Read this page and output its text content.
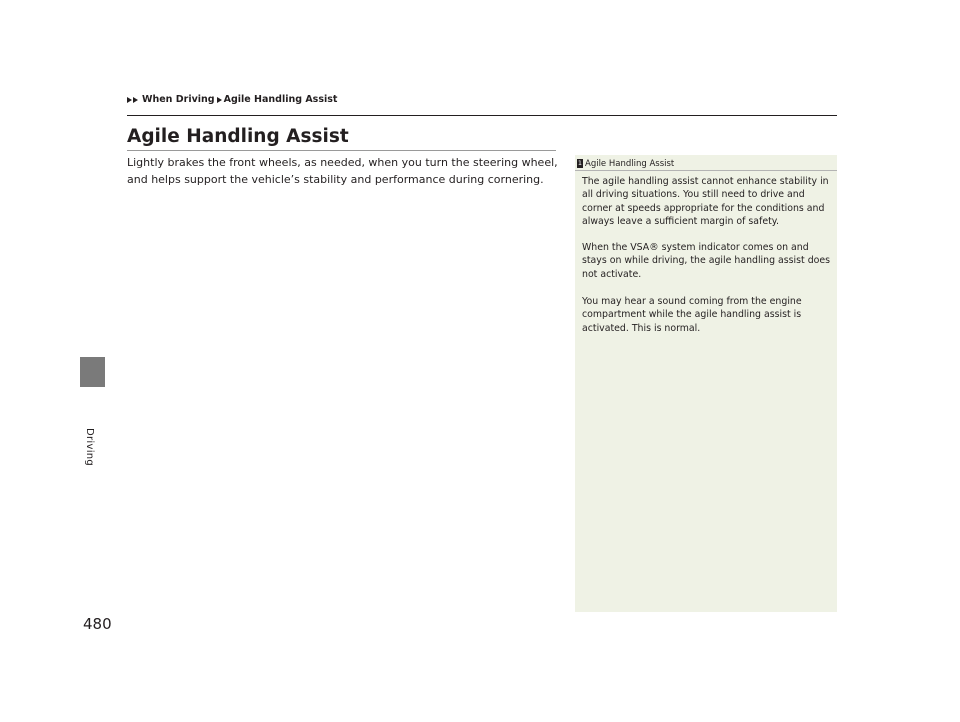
When Driving Agile Handling Assist
Driving
Agile Handling Assist

Lightly brakes the front wheels, as needed, when you turn the steering wheel, and helps support the vehicle’s stability and performance during cornering.

1 Agile Handling Assist

The agile handling assist cannot enhance stability in all driving situations. You still need to drive and corner at speeds appropriate for the conditions and always leave a sufficient margin of safety.

When the VSA® system indicator comes on and stays on while driving, the agile handling assist does not activate.

You may hear a sound coming from the engine compartment while the agile handling assist is activated. This is normal.

480
